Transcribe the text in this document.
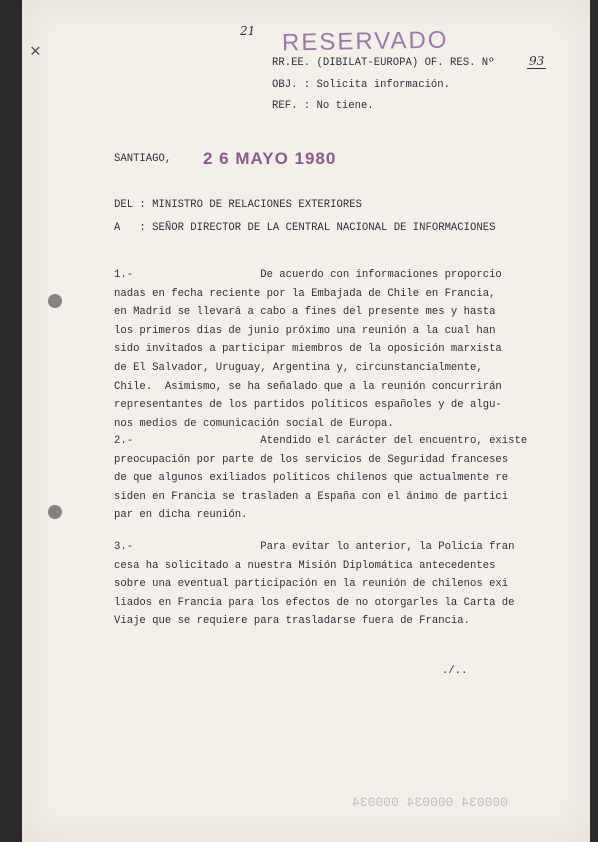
✕
21 RESERVADO
RR.EE. (DIBILAT-EUROPA) OF. RES. Nº	93
OBJ. : Solicita información.
REF. : No tiene.
SANTIAGO, 2 6 MAYO 1980
DEL : MINISTRO DE RELACIONES EXTERIORES
A   : SEÑOR DIRECTOR DE LA CENTRAL NACIONAL DE INFORMACIONES
1.-                    De acuerdo con informaciones proporcio
nadas en fecha reciente por la Embajada de Chile en Francia,
en Madrid se llevará a cabo a fines del presente mes y hasta
los primeros días de junio próximo una reunión a la cual han
sido invitados a participar miembros de la oposición marxista
de El Salvador, Uruguay, Argentina y, circunstancialmente,
Chile.  Asimismo, se ha señalado que a la reunión concurrirán
representantes de los partidos políticos españoles y de algu-
nos medios de comunicación social de Europa.
2.-                    Atendido el carácter del encuentro, existe
preocupación por parte de los servicios de Seguridad franceses
de que algunos exiliados políticos chilenos que actualmente re
siden en Francia se trasladen a España con el ánimo de partici
par en dicha reunión.
3.-                    Para evitar lo anterior, la Policía fran
cesa ha solicitado a nuestra Misión Diplomática antecedentes
sobre una eventual participación en la reunión de chilenos exi
liados en Francia para los efectos de no otorgarles la Carta de
Viaje que se requiere para trasladarse fuera de Francia.
./..
000034 000034 000034
